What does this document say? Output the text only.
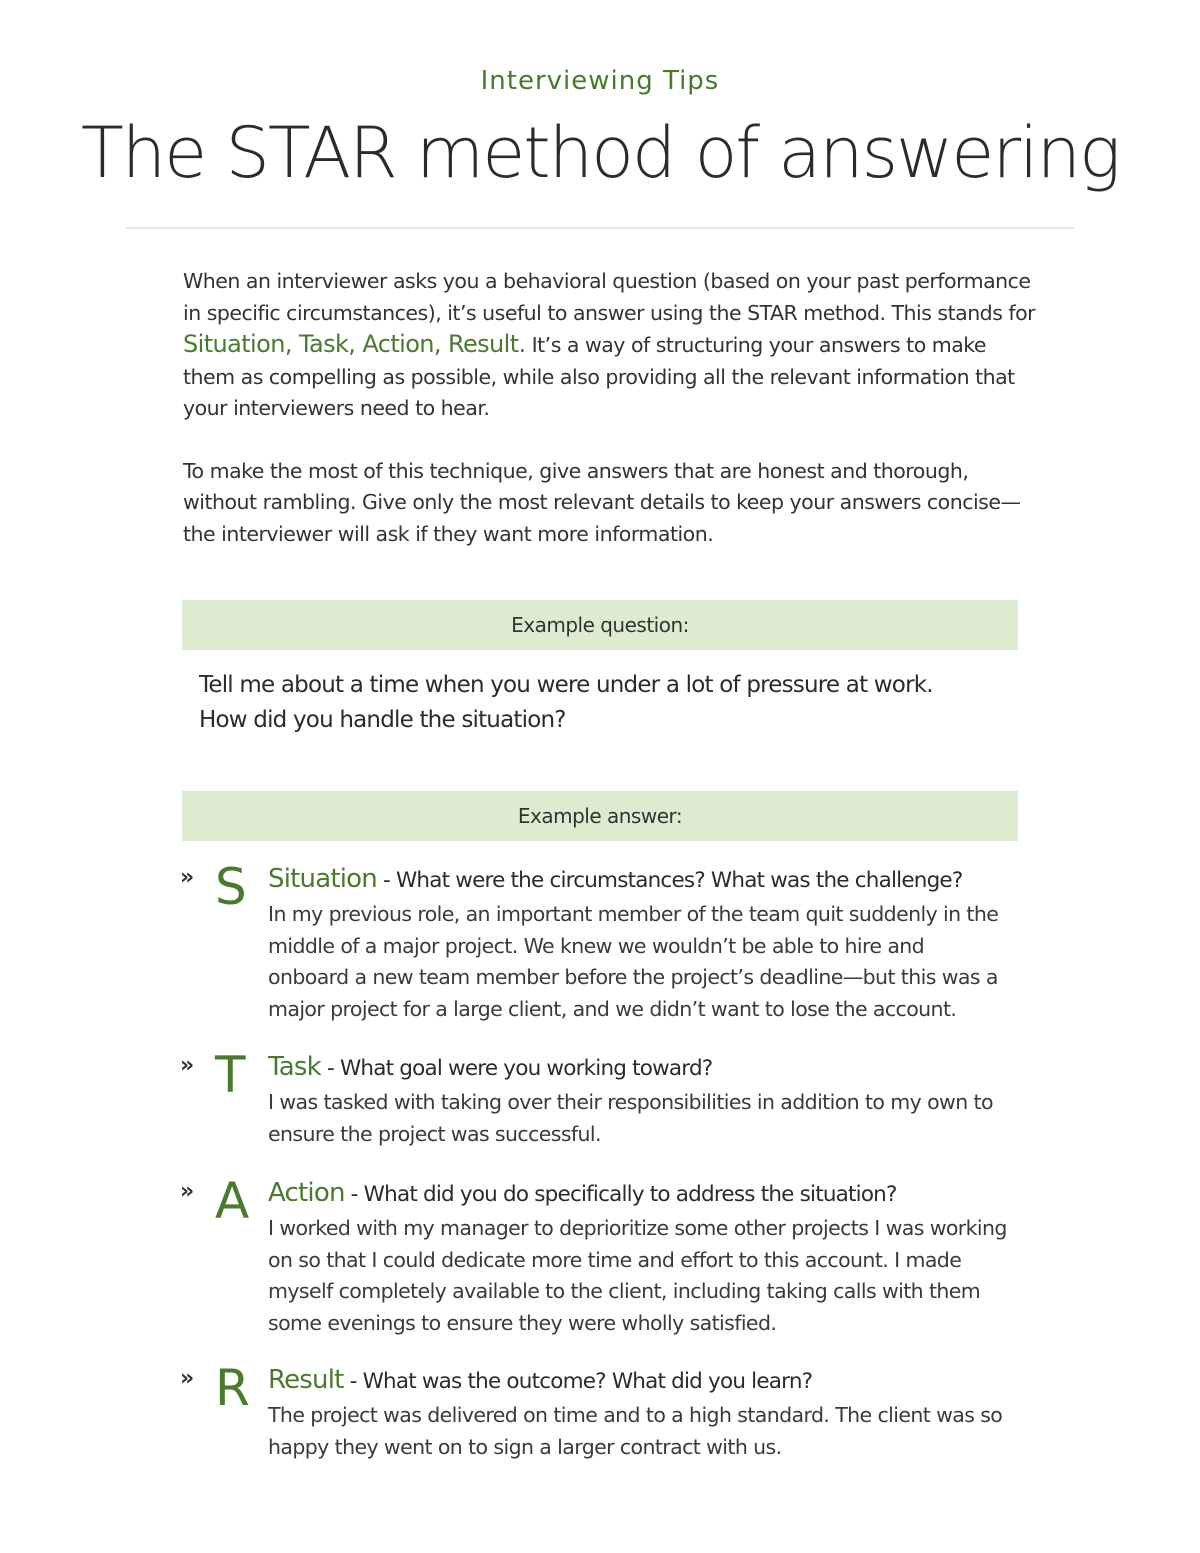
Interviewing Tips
The STAR method of answering

When an interviewer asks you a behavioral question (based on your past performance in specific circumstances), it’s useful to answer using the STAR method. This stands for Situation, Task, Action, Result. It’s a way of structuring your answers to make them as compelling as possible, while also providing all the relevant information that your interviewers need to hear.

To make the most of this technique, give answers that are honest and thorough, without rambling. Give only the most relevant details to keep your answers concise—the interviewer will ask if they want more information.

Example question:
Tell me about a time when you were under a lot of pressure at work.
How did you handle the situation?
Example answer:
» S Situation - What were the circumstances? What was the challenge?
In my previous role, an important member of the team quit suddenly in the middle of a major project. We knew we wouldn’t be able to hire and onboard a new team member before the project’s deadline—but this was a major project for a large client, and we didn’t want to lose the account.
» T Task - What goal were you working toward?
I was tasked with taking over their responsibilities in addition to my own to ensure the project was successful.
» A Action - What did you do specifically to address the situation?
I worked with my manager to deprioritize some other projects I was working on so that I could dedicate more time and effort to this account. I made myself completely available to the client, including taking calls with them some evenings to ensure they were wholly satisfied.
» R Result - What was the outcome? What did you learn?
The project was delivered on time and to a high standard. The client was so happy they went on to sign a larger contract with us.
